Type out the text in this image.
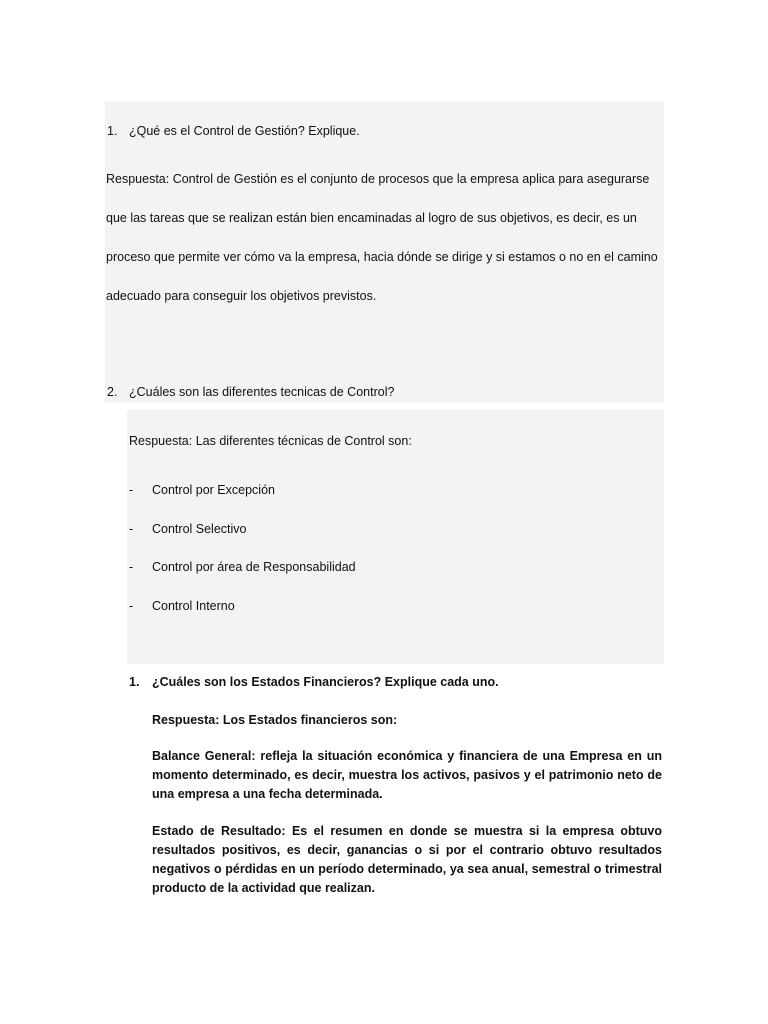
1. ¿Qué es el Control de Gestión? Explique.
Respuesta: Control de Gestión es el conjunto de procesos que la empresa aplica para asegurarse
que las tareas que se realizan están bien encaminadas al logro de sus objetivos, es decir, es un
proceso que permite ver cómo va la empresa, hacia dónde se dirige y si estamos o no en el camino
adecuado para conseguir los objetivos previstos.
2. ¿Cuáles son las diferentes tecnicas de Control?
Respuesta: Las diferentes técnicas de Control son:
- Control por Excepción
- Control Selectivo
- Control por área de Responsabilidad
- Control Interno
1. ¿Cuáles son los Estados Financieros? Explique cada uno.
Respuesta: Los Estados financieros son:
Balance General: refleja la situación económica y financiera de una Empresa en un momento determinado, es decir, muestra los activos, pasivos y el patrimonio neto de una empresa a una fecha determinada.
Estado de Resultado: Es el resumen en donde se muestra si la empresa obtuvo resultados positivos, es decir, ganancias o si por el contrario obtuvo resultados negativos o pérdidas en un período determinado, ya sea anual, semestral o trimestral producto de la actividad que realizan.
